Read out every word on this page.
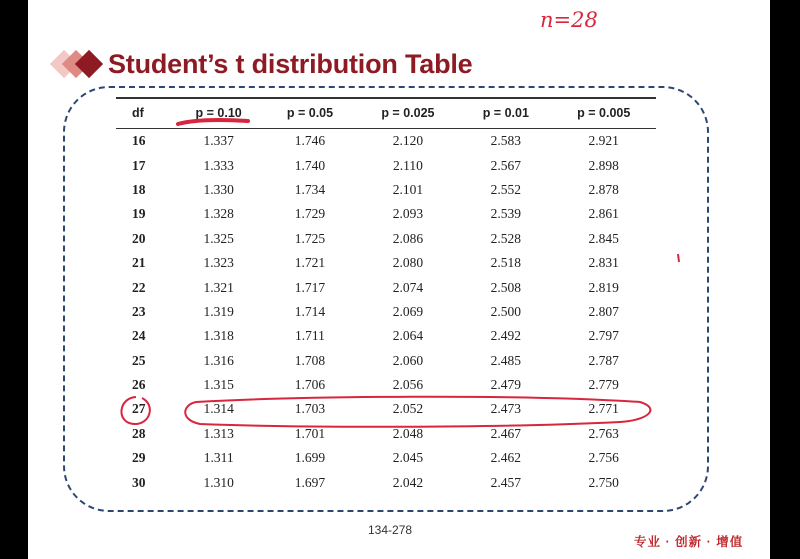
Student’s t distribution Table
df	p = 0.10	p = 0.05	p = 0.025	p = 0.01	p = 0.005
16	1.337	1.746	2.120	2.583	2.921
17	1.333	1.740	2.110	2.567	2.898
18	1.330	1.734	2.101	2.552	2.878
19	1.328	1.729	2.093	2.539	2.861
20	1.325	1.725	2.086	2.528	2.845
21	1.323	1.721	2.080	2.518	2.831
22	1.321	1.717	2.074	2.508	2.819
23	1.319	1.714	2.069	2.500	2.807
24	1.318	1.711	2.064	2.492	2.797
25	1.316	1.708	2.060	2.485	2.787
26	1.315	1.706	2.056	2.479	2.779
27	1.314	1.703	2.052	2.473	2.771
28	1.313	1.701	2.048	2.467	2.763
29	1.311	1.699	2.045	2.462	2.756
30	1.310	1.697	2.042	2.457	2.750
134-278
专业 · 创新 · 增值
n=28
